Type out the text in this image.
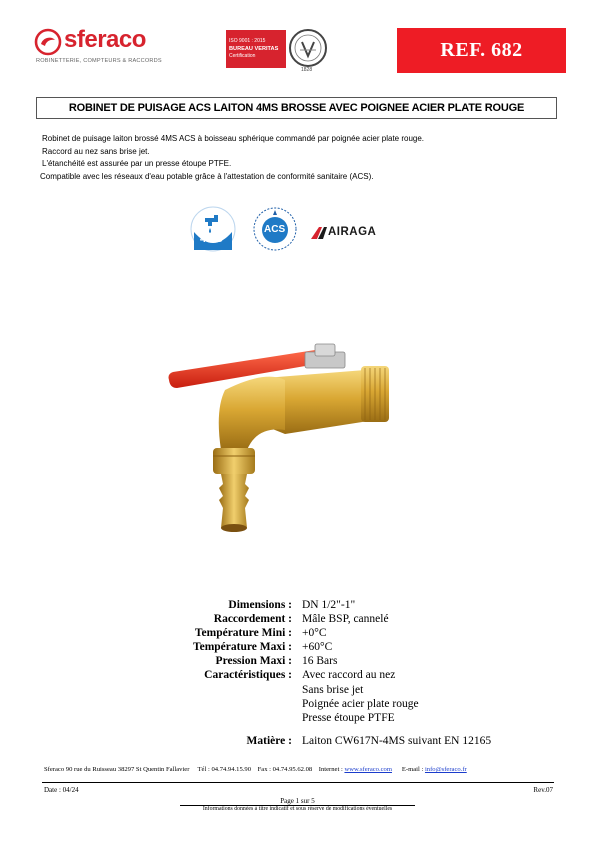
sferaco
ROBINETTERIE, COMPTEURS & RACCORDS
ISO 9001 : 2015
BUREAU VERITAS
Certification
1828
REF. 682
ROBINET DE PUISAGE ACS LAITON 4MS BROSSE AVEC POIGNEE ACIER PLATE ROUGE
Robinet de puisage laiton brossé 4MS ACS à boisseau sphérique commandé par poignée acier plate rouge.
Raccord au nez sans brise jet.
L'étanchéité est assurée par un presse étoupe PTFE.
Compatible avec les réseaux d'eau potable grâce à l'attestation de conformité sanitaire (ACS).
4MS
ACS	AIRAGA
Dimensions : DN 1/2"-1"
Raccordement : Mâle BSP, cannelé
Température Mini : +0°C
Température Maxi : +60°C
Pression Maxi : 16 Bars
Caractéristiques : Avec raccord au nez
Sans brise jet
Poignée acier plate rouge
Presse étoupe PTFE
Matière : Laiton CW617N-4MS suivant EN 12165
Sferaco 90 rue du Ruisseau 38297 St Quentin Fallavier Tél : 04.74.94.15.90 Fax : 04.74.95.62.08 Internet : www.sferaco.com E-mail : info@sferaco.fr
Date : 04/24	Rev.07
Page 1 sur 5
Informations données à titre indicatif et sous réserve de modifications éventuelles
